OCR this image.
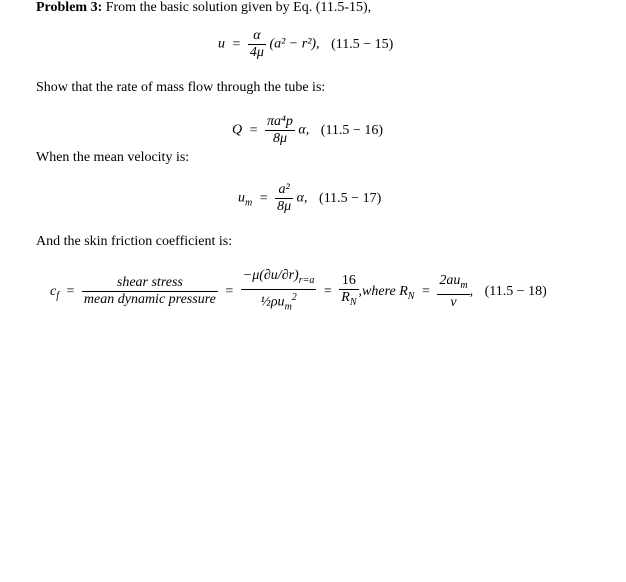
Problem 3: From the basic solution given by Eq. (11.5-15),
$u = \frac{\alpha}{4\mu} (a^2 - r^2)$, (11.5 − 15)
Show that the rate of mass flow through the tube is:
$Q = \frac{\text{πa⁴p}}{8\mu} \alpha$, (11.5 − 16)
When the mean velocity is:
$u_m = \frac{\text{a²}}{8\mu} \alpha$, (11.5 − 17)
And the skin friction coefficient is:
$c_f = \frac{\text{shear stress}}{\text{mean dynamic pressure}} = \frac{-\mu(\partial u/\partial r)_{r=a}}{\frac{1}{2}\rho u_m^2} = \frac{16}{R_N}$ ,where $R_N = \frac{2au_m}{\nu}$ , (11.5 − 18)
